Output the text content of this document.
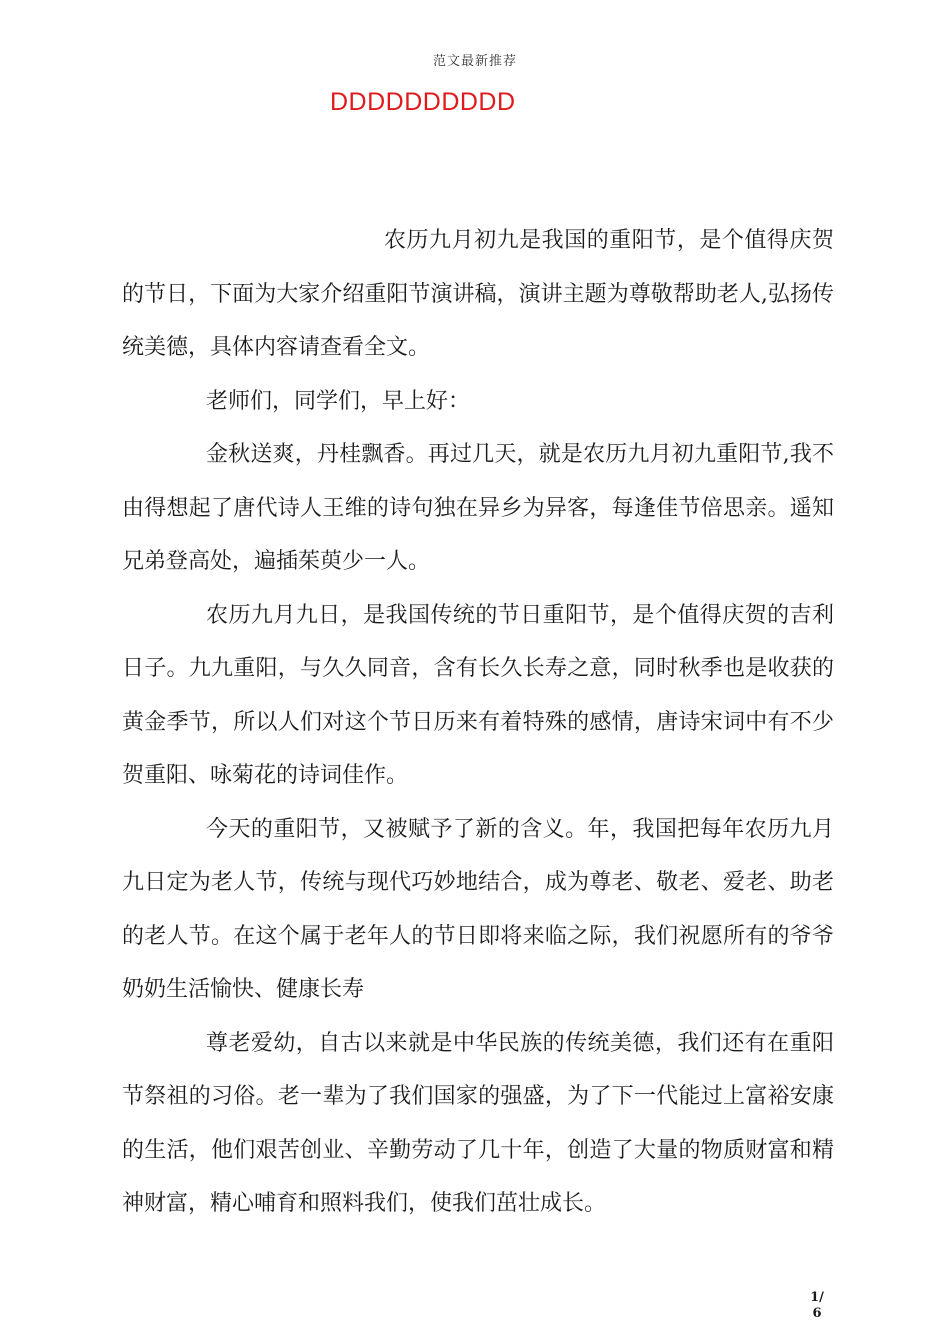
范文最新推荐
DDDDDDDDDD

农历九月初九是我国的重阳节，是个值得庆贺的节日，下面为大家介绍重阳节演讲稿，演讲主题为尊敬帮助老人,弘扬传统美德，具体内容请查看全文。

老师们，同学们，早上好：

金秋送爽，丹桂飘香。再过几天，就是农历九月初九重阳节,我不由得想起了唐代诗人王维的诗句独在异乡为异客，每逢佳节倍思亲。遥知兄弟登高处，遍插茱萸少一人。

农历九月九日，是我国传统的节日重阳节，是个值得庆贺的吉利日子。九九重阳，与久久同音，含有长久长寿之意，同时秋季也是收获的黄金季节，所以人们对这个节日历来有着特殊的感情，唐诗宋词中有不少贺重阳、咏菊花的诗词佳作。

今天的重阳节，又被赋予了新的含义。年，我国把每年农历九月九日定为老人节，传统与现代巧妙地结合，成为尊老、敬老、爱老、助老的老人节。在这个属于老年人的节日即将来临之际，我们祝愿所有的爷爷奶奶生活愉快、健康长寿

尊老爱幼，自古以来就是中华民族的传统美德，我们还有在重阳节祭祖的习俗。老一辈为了我们国家的强盛，为了下一代能过上富裕安康的生活，他们艰苦创业、辛勤劳动了几十年，创造了大量的物质财富和精神财富，精心哺育和照料我们，使我们茁壮成长。

1/
6
